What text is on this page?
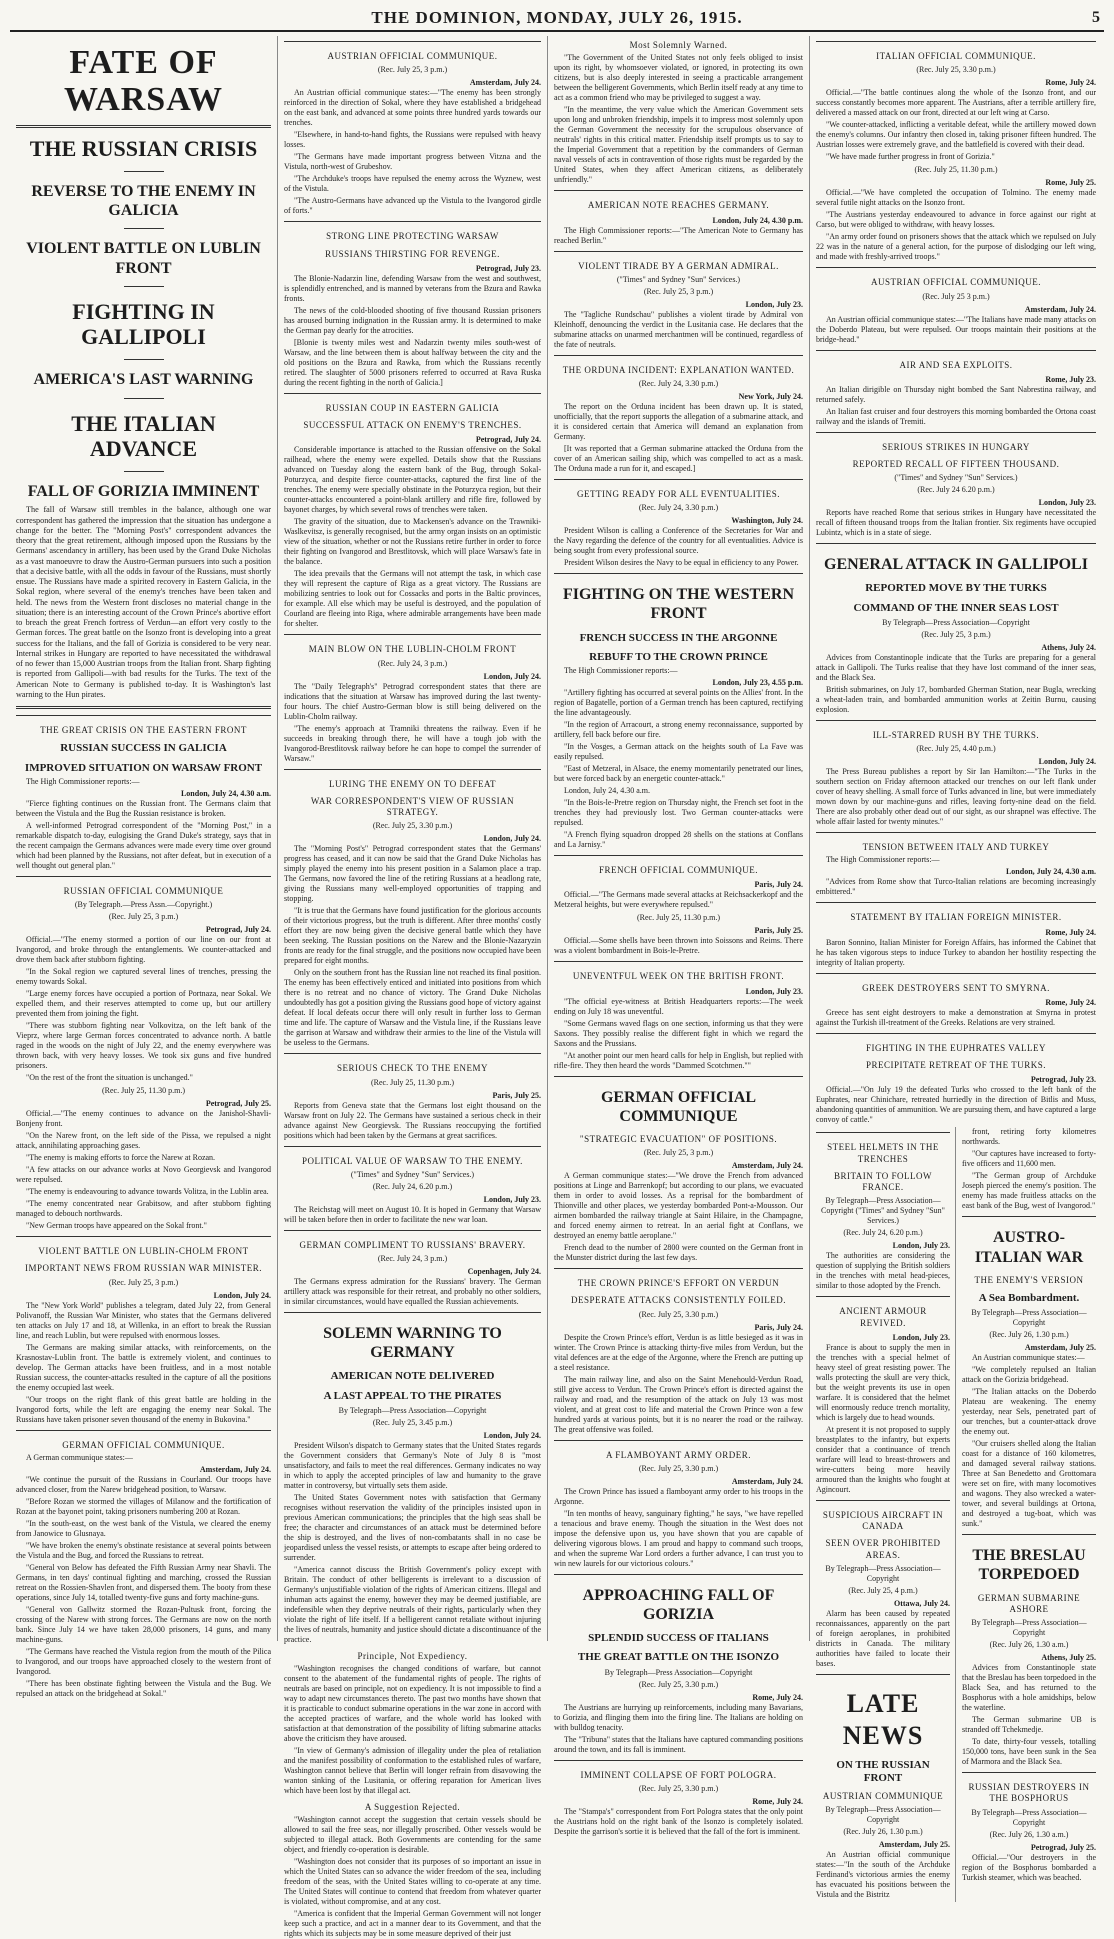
THE DOMINION, MONDAY, JULY 26, 1915.	5
FATE OF WARSAW
THE RUSSIAN CRISIS
REVERSE TO THE ENEMY IN GALICIA
VIOLENT BATTLE ON LUBLIN FRONT
FIGHTING IN GALLIPOLI
AMERICA'S LAST WARNING
THE ITALIAN ADVANCE
FALL OF GORIZIA IMMINENT

The fall of Warsaw still trembles in the balance, although one war correspondent has gathered the impression that the situation has undergone a change for the better. The "Morning Post's" correspondent advances the theory that the great retirement, although imposed upon the Russians by the Germans' ascendancy in artillery, has been used by the Grand Duke Nicholas as a vast manoeuvre to draw the Austro-German pursuers into such a position that a decisive battle, with all the odds in favour of the Russians, must shortly ensue. The Russians have made a spirited recovery in Eastern Galicia, in the Sokal region, where several of the enemy's trenches have been taken and held. The news from the Western front discloses no material change in the situation; there is an interesting account of the Crown Prince's abortive effort to breach the great French fortress of Verdun—an effort very costly to the German forces. The great battle on the Isonzo front is developing into a great success for the Italians, and the fall of Gorizia is considered to be very near. Internal strikes in Hungary are reported to have necessitated the withdrawal of no fewer than 15,000 Austrian troops from the Italian front. Sharp fighting is reported from Gallipoli—with bad results for the Turks. The text of the American Note to Germany is published to-day. It is Washington's last warning to the Hun pirates.

THE GREAT CRISIS ON THE EASTERN FRONT
RUSSIAN SUCCESS IN GALICIA
IMPROVED SITUATION ON WARSAW FRONT
The High Commissioner reports:—
London, July 24, 4.30 a.m.

"Fierce fighting continues on the Russian front. The Germans claim that between the Vistula and the Bug the Russian resistance is broken.

A well-informed Petrograd correspondent of the "Morning Post," in a remarkable dispatch to-day, eulogising the Grand Duke's strategy, says that in the recent campaign the Germans advances were made every time over ground which had been planned by the Russians, not after defeat, but in execution of a well thought out general plan."

RUSSIAN OFFICIAL COMMUNIQUE
(By Telegraph.—Press Assn.—Copyright.)
(Rec. July 25, 3 p.m.)
Petrograd, July 24.

Official.—"The enemy stormed a portion of our line on our front at Ivangorod, and broke through the entanglements. We counter-attacked and drove them back after stubborn fighting.

"In the Sokal region we captured several lines of trenches, pressing the enemy towards Sokal.

"Large enemy forces have occupied a portion of Portnaza, near Sokal. We expelled them, and their reserves attempted to come up, but our artillery prevented them from joining the fight.

"There was stubborn fighting near Volkovitza, on the left bank of the Vieprz, where large German forces concentrated to advance north. A battle raged in the woods on the night of July 22, and the enemy everywhere was thrown back, with very heavy losses. We took six guns and five hundred prisoners.

"On the rest of the front the situation is unchanged."

(Rec. July 25, 11.30 p.m.)
Petrograd, July 25.

Official.—"The enemy continues to advance on the Janishol-Shavli-Bonjeny front.

"On the Narew front, on the left side of the Pissa, we repulsed a night attack, annihilating approaching gases.

"The enemy is making efforts to force the Narew at Rozan.

"A few attacks on our advance works at Novo Georgievsk and Ivangorod were repulsed.

"The enemy is endeavouring to advance towards Volitza, in the Lublin area.

"The enemy concentrated near Grabitsow, and after stubborn fighting managed to debouch northwards.

"New German troops have appeared on the Sokal front."

VIOLENT BATTLE ON LUBLIN-CHOLM FRONT
IMPORTANT NEWS FROM RUSSIAN WAR MINISTER.
(Rec. July 25, 3 p.m.)
London, July 24.

The "New York World" publishes a telegram, dated July 22, from General Polivanoff, the Russian War Minister, who states that the Germans delivered ten attacks on July 17 and 18, at Willenka, in an effort to break the Russian line, and reach Lublin, but were repulsed with enormous losses.

The Germans are making similar attacks, with reinforcements, on the Krasnostav-Lublin front. The battle is extremely violent, and continues to develop. The German attacks have been fruitless, and in a most notable Russian success, the counter-attacks resulted in the capture of all the positions the enemy occupied last week.

"Our troops on the right flank of this great battle are holding in the Ivangorod forts, while the left are engaging the enemy near Sokal. The Russians have taken prisoner seven thousand of the enemy in Bukovina."

GERMAN OFFICIAL COMMUNIQUE.
A German communique states:—
Amsterdam, July 24.

"We continue the pursuit of the Russians in Courland. Our troops have advanced closer, from the Narew bridgehead position, to Warsaw.

"Before Rozan we stormed the villages of Milanow and the fortification of Rozan at the bayonet point, taking prisoners numbering 200 at Rozan.

"In the south-east, on the west bank of the Vistula, we cleared the enemy from Janowice to Glusnaya.

"We have broken the enemy's obstinate resistance at several points between the Vistula and the Bug, and forced the Russians to retreat.

"General von Below has defeated the Fifth Russian Army near Shavli. The Germans, in ten days' continual fighting and marching, crossed the Russian retreat on the Rossien-Shavlen front, and dispersed them. The booty from these operations, since July 14, totalled twenty-five guns and forty machine-guns.

"General von Gallwitz stormed the Rozan-Pultusk front, forcing the crossing of the Narew with strong forces. The Germans are now on the north bank. Since July 14 we have taken 28,000 prisoners, 14 guns, and many machine-guns.

"The Germans have reached the Vistula region from the mouth of the Pilica to Ivangorod, and our troops have approached closely to the western front of Ivangorod.

"There has been obstinate fighting between the Vistula and the Bug. We repulsed an attack on the bridgehead at Sokal."

AUSTRIAN OFFICIAL COMMUNIQUE.
(Rec. July 25, 3 p.m.)
Amsterdam, July 24.

An Austrian official communique states:—"The enemy has been strongly reinforced in the direction of Sokal, where they have established a bridgehead on the east bank, and advanced at some points three hundred yards towards our trenches.

"Elsewhere, in hand-to-hand fights, the Russians were repulsed with heavy losses.

"The Germans have made important progress between Vitzna and the Vistula, north-west of Grubeshov.

"The Archduke's troops have repulsed the enemy across the Wyznew, west of the Vistula.

"The Austro-Germans have advanced up the Vistula to the Ivangorod girdle of forts."

STRONG LINE PROTECTING WARSAW
RUSSIANS THIRSTING FOR REVENGE.
Petrograd, July 23.

The Blonie-Nadarzin line, defending Warsaw from the west and southwest, is splendidly entrenched, and is manned by veterans from the Bzura and Rawka fronts.

The news of the cold-blooded shooting of five thousand Russian prisoners has aroused burning indignation in the Russian army. It is determined to make the German pay dearly for the atrocities.

[Blonie is twenty miles west and Nadarzin twenty miles south-west of Warsaw, and the line between them is about halfway between the city and the old positions on the Bzura and Rawka, from which the Russians recently retired. The slaughter of 5000 prisoners referred to occurred at Rava Ruska during the recent fighting in the north of Galicia.]

RUSSIAN COUP IN EASTERN GALICIA
SUCCESSFUL ATTACK ON ENEMY'S TRENCHES.
Petrograd, July 24.

Considerable importance is attached to the Russian offensive on the Sokal railhead, where the enemy were expelled. Details show that the Russians advanced on Tuesday along the eastern bank of the Bug, through Sokal-Poturzyca, and despite fierce counter-attacks, captured the first line of the trenches. The enemy were specially obstinate in the Poturzyca region, but their counter-attacks encountered a point-blank artillery and rifle fire, followed by bayonet charges, by which several rows of trenches were taken.

The gravity of the situation, due to Mackensen's advance on the Trawniki-Waslkevitsz, is generally recognised, but the army organ insists on an optimistic view of the situation, whether or not the Russians retire further in order to force their fighting on Ivangorod and Brestlitovsk, which will place Warsaw's fate in the balance.

The idea prevails that the Germans will not attempt the task, in which case they will represent the capture of Riga as a great victory. The Russians are mobilizing sentries to look out for Cossacks and ports in the Baltic provinces, for example. All else which may be useful is destroyed, and the population of Courland are fleeing into Riga, where admirable arrangements have been made for shelter.

MAIN BLOW ON THE LUBLIN-CHOLM FRONT
(Rec. July 24, 3 p.m.)
London, July 24.

The "Daily Telegraph's" Petrograd correspondent states that there are indications that the situation at Warsaw has improved during the last twenty-four hours. The chief Austro-German blow is still being delivered on the Lublin-Cholm railway.

"The enemy's approach at Tramniki threatens the railway. Even if he succeeds in breaking through there, he will have a tough job with the Ivangorod-Brestlitovsk railway before he can hope to compel the surrender of Warsaw."

LURING THE ENEMY ON TO DEFEAT
WAR CORRESPONDENT'S VIEW OF RUSSIAN STRATEGY.
(Rec. July 25, 3.30 p.m.)
London, July 24.

The "Morning Post's" Petrograd correspondent states that the Germans' progress has ceased, and it can now be said that the Grand Duke Nicholas has simply played the enemy into his present position in a Salamon place a trap. The Germans, now favored the line of the retiring Russians at a headlong rate, giving the Russians many well-employed opportunities of trapping and stopping.

"It is true that the Germans have found justification for the glorious accounts of their victorious progress, but the truth is different. After three months' costly effort they are now being given the decisive general battle which they have been seeking. The Russian positions on the Narew and the Blonie-Nazaryzin fronts are ready for the final struggle, and the positions now occupied have been prepared for eight months.

Only on the southern front has the Russian line not reached its final position. The enemy has been effectively enticed and initiated into positions from which there is no retreat and no chance of victory. The Grand Duke Nicholas undoubtedly has got a position giving the Russians good hope of victory against defeat. If local defeats occur there will only result in further loss to German time and life. The capture of Warsaw and the Vistula line, if the Russians leave the garrison at Warsaw and withdraw their armies to the line of the Vistula will be useless to the Germans.

SERIOUS CHECK TO THE ENEMY
(Rec. July 25, 11.30 p.m.)
Paris, July 25.

Reports from Geneva state that the Germans lost eight thousand on the Warsaw front on July 22. The Germans have sustained a serious check in their advance against New Georgievsk. The Russians reoccupying the fortified positions which had been taken by the Germans at great sacrifices.

POLITICAL VALUE OF WARSAW TO THE ENEMY.
("Times" and Sydney "Sun" Services.)
(Rec. July 24, 6.20 p.m.)
London, July 23.

The Reichstag will meet on August 10. It is hoped in Germany that Warsaw will be taken before then in order to facilitate the new war loan.

GERMAN COMPLIMENT TO RUSSIANS' BRAVERY.
(Rec. July 24, 3 p.m.)
Copenhagen, July 24.

The Germans express admiration for the Russians' bravery. The German artillery attack was responsible for their retreat, and probably no other soldiers, in similar circumstances, would have equalled the Russian achievements.

SOLEMN WARNING TO GERMANY
AMERICAN NOTE DELIVERED
A LAST APPEAL TO THE PIRATES
By Telegraph—Press Association—Copyright
(Rec. July 25, 3.45 p.m.)
London, July 24.

President Wilson's dispatch to Germany states that the United States regards the Government considers that Germany's Note of July 8 is "most unsatisfactory, and fails to meet the real differences. Germany indicates no way in which to apply the accepted principles of law and humanity to the grave matter in controversy, but virtually sets them aside.

The United States Government notes with satisfaction that Germany recognises without reservation the validity of the principles insisted upon in previous American communications; the principles that the high seas shall be free; the character and circumstances of an attack must be determined before the ship is destroyed, and the lives of non-combatants shall in no case be jeopardised unless the vessel resists, or attempts to escape after being ordered to surrender.

"America cannot discuss the British Government's policy except with Britain. The conduct of other belligerents is irrelevant to a discussion of Germany's unjustifiable violation of the rights of American citizens. Illegal and inhuman acts against the enemy, however they may be deemed justifiable, are indefensible when they deprive neutrals of their rights, particularly when they violate the right of life itself. If a belligerent cannot retaliate without injuring the lives of neutrals, humanity and justice should dictate a discontinuance of the practice.

Principle, Not Expediency.

"Washington recognises the changed conditions of warfare, but cannot consent to the abatement of the fundamental rights of people. The rights of neutrals are based on principle, not on expediency. It is not impossible to find a way to adapt new circumstances thereto. The past two months have shown that it is practicable to conduct submarine operations in the war zone in accord with the accepted practices of warfare, and the whole world has looked with satisfaction at that demonstration of the possibility of lifting submarine attacks above the criticism they have aroused.

"In view of Germany's admission of illegality under the plea of retaliation and the manifest possibility of conformation to the established rules of warfare, Washington cannot believe that Berlin will longer refrain from disavowing the wanton sinking of the Lusitania, or offering reparation for American lives which have been lost by that illegal act.

A Suggestion Rejected.

"Washington cannot accept the suggestion that certain vessels should be allowed to sail the free seas, nor illegally proscribed. Other vessels would be subjected to illegal attack. Both Governments are contending for the same object, and friendly co-operation is desirable.

"Washington does not consider that its purposes of so important an issue in which the United States can so advance the wider freedom of the sea, including freedom of the seas, with the United States willing to co-operate at any time. The United States will continue to contend that freedom from whatever quarter is violated, without compromise, and at any cost.

"America is confident that the Imperial German Government will not longer keep such a practice, and act in a manner dear to its Government, and that the rights which its subjects may be in some measure deprived of their just

Most Solemnly Warned.

"The Government of the United States not only feels obliged to insist upon its right, by whomsoever violated, or ignored, in protecting its own citizens, but is also deeply interested in seeing a practicable arrangement between the belligerent Governments, which Berlin itself ready at any time to act as a common friend who may be privileged to suggest a way.

"In the meantime, the very value which the American Government sets upon long and unbroken friendship, impels it to impress most solemnly upon the German Government the necessity for the scrupulous observance of neutrals' rights in this critical matter. Friendship itself prompts us to say to the Imperial Government that a repetition by the commanders of German naval vessels of acts in contravention of those rights must be regarded by the United States, when they affect American citizens, as deliberately unfriendly."

AMERICAN NOTE REACHES GERMANY.
London, July 24, 4.30 p.m.

The High Commissioner reports:—"The American Note to Germany has reached Berlin."

VIOLENT TIRADE BY A GERMAN ADMIRAL.
("Times" and Sydney "Sun" Services.)
(Rec. July 25, 3 p.m.)
London, July 23.

The "Tagliche Rundschau" publishes a violent tirade by Admiral von Kleinhoff, denouncing the verdict in the Lusitania case. He declares that the submarine attacks on unarmed merchantmen will be continued, regardless of the fate of neutrals.

THE ORDUNA INCIDENT: EXPLANATION WANTED.
(Rec. July 24, 3.30 p.m.)
New York, July 24.

The report on the Orduna incident has been drawn up. It is stated, unofficially, that the report supports the allegation of a submarine attack, and it is considered certain that America will demand an explanation from Germany.

[It was reported that a German submarine attacked the Orduna from the cover of an American sailing ship, which was compelled to act as a mask. The Orduna made a run for it, and escaped.]

GETTING READY FOR ALL EVENTUALITIES.
(Rec. July 24, 3.30 p.m.)
Washington, July 24.

President Wilson is calling a Conference of the Secretaries for War and the Navy regarding the defence of the country for all eventualities. Advice is being sought from every professional source.

President Wilson desires the Navy to be equal in efficiency to any Power.

FIGHTING ON THE WESTERN FRONT
FRENCH SUCCESS IN THE ARGONNE
REBUFF TO THE CROWN PRINCE
The High Commissioner reports:—
London, July 23, 4.55 p.m.

"Artillery fighting has occurred at several points on the Allies' front. In the region of Bagatelle, portion of a German trench has been captured, rectifying the line advantageously.

"In the region of Arracourt, a strong enemy reconnaissance, supported by artillery, fell back before our fire.

"In the Vosges, a German attack on the heights south of La Fave was easily repulsed.

"East of Metzeral, in Alsace, the enemy momentarily penetrated our lines, but were forced back by an energetic counter-attack."

London, July 24, 4.30 a.m.

"In the Bois-le-Pretre region on Thursday night, the French set foot in the trenches they had previously lost. Two German counter-attacks were repulsed.

"A French flying squadron dropped 28 shells on the stations at Conflans and La Jarnisy."

FRENCH OFFICIAL COMMUNIQUE.
Paris, July 24.

Official.—"The Germans made several attacks at Reichsackerkopf and the Metzeral heights, but were everywhere repulsed."

(Rec. July 25, 11.30 p.m.)
Paris, July 25.

Official.—Some shells have been thrown into Soissons and Reims. There was a violent bombardment in Bois-le-Pretre.

UNEVENTFUL WEEK ON THE BRITISH FRONT.
London, July 23.

"The official eye-witness at British Headquarters reports:—The week ending on July 18 was uneventful.

"Some Germans waved flags on one section, informing us that they were Saxons. They possibly realise the different fight in which we regard the Saxons and the Prussians.

"At another point our men heard calls for help in English, but replied with rifle-fire. They then heard the words "Dammed Scotchmen.""

GERMAN OFFICIAL COMMUNIQUE
"STRATEGIC EVACUATION" OF POSITIONS.
(Rec. July 25, 3 p.m.)
Amsterdam, July 24.

A German communique states:—"We drove the French from advanced positions at Linge and Barrenkopf; but according to our plans, we evacuated them in order to avoid losses. As a reprisal for the bombardment of Thionville and other places, we yesterday bombarded Pont-a-Mousson. Our airmen bombarded the railway triangle at Saint Hilaire, in the Champagne, and forced enemy airmen to retreat. In an aerial fight at Conflans, we destroyed an enemy battle aeroplane."

French dead to the number of 2800 were counted on the German front in the Munster district during the last few days.

THE CROWN PRINCE'S EFFORT ON VERDUN
DESPERATE ATTACKS CONSISTENTLY FOILED.
(Rec. July 25, 3.30 p.m.)
Paris, July 24.

Despite the Crown Prince's effort, Verdun is as little besieged as it was in winter. The Crown Prince is attacking thirty-five miles from Verdun, but the vital defences are at the edge of the Argonne, where the French are putting up a steel resistance.

The main railway line, and also on the Saint Menehould-Verdun Road, still give access to Verdun. The Crown Prince's effort is directed against the railway and road, and the resumption of the attack on July 13 was most violent, and at great cost to life and material the Crown Prince won a few hundred yards at various points, but it is no nearer the road or the railway. The great offensive was foiled.

A FLAMBOYANT ARMY ORDER.
(Rec. July 25, 3.30 p.m.)
Amsterdam, July 24.

The Crown Prince has issued a flamboyant army order to his troops in the Argonne.

"In ten months of heavy, sanguinary fighting," he says, "we have repelled a tenacious and brave enemy. Though the situation in the West does not impose the defensive upon us, you have shown that you are capable of delivering vigorous blows. I am proud and happy to command such troops, and when the supreme War Lord orders a further advance, I can trust you to win new laurels for our victorious colours."

APPROACHING FALL OF GORIZIA
SPLENDID SUCCESS OF ITALIANS
THE GREAT BATTLE ON THE ISONZO
By Telegraph—Press Association—Copyright
(Rec. July 25, 3.30 p.m.)
Rome, July 24.

The Austrians are hurrying up reinforcements, including many Bavarians, to Gorizia, and flinging them into the firing line. The Italians are holding on with bulldog tenacity.

The "Tribuna" states that the Italians have captured commanding positions around the town, and its fall is imminent.

IMMINENT COLLAPSE OF FORT POLOGRA.
(Rec. July 25, 3.30 p.m.)
Rome, July 24.

The "Stampa's" correspondent from Fort Pologra states that the only point the Austrians hold on the right bank of the Isonzo is completely isolated. Despite the garrison's sortie it is believed that the fall of the fort is imminent.

ITALIAN OFFICIAL COMMUNIQUE.
(Rec. July 25, 3.30 p.m.)
Rome, July 24.

Official.—"The battle continues along the whole of the Isonzo front, and our success constantly becomes more apparent. The Austrians, after a terrible artillery fire, delivered a massed attack on our front, directed at our left wing at Carso.

"We counter-attacked, inflicting a veritable defeat, while the artillery mowed down the enemy's columns. Our infantry then closed in, taking prisoner fifteen hundred. The Austrian losses were extremely grave, and the battlefield is covered with their dead.

"We have made further progress in front of Gorizia."

(Rec. July 25, 11.30 p.m.)
Rome, July 25.

Official.—"We have completed the occupation of Tolmino. The enemy made several futile night attacks on the Isonzo front.

"The Austrians yesterday endeavoured to advance in force against our right at Carso, but were obliged to withdraw, with heavy losses.

"An army order found on prisoners shows that the attack which we repulsed on July 22 was in the nature of a general action, for the purpose of dislodging our left wing, and made with freshly-arrived troops."

AUSTRIAN OFFICIAL COMMUNIQUE.
(Rec. July 25 3 p.m.)
Amsterdam, July 24.

An Austrian official communique states:—"The Italians have made many attacks on the Doberdo Plateau, but were repulsed. Our troops maintain their positions at the bridge-head."

AIR AND SEA EXPLOITS.
Rome, July 23.

An Italian dirigible on Thursday night bombed the Sant Nabrestina railway, and returned safely.

An Italian fast cruiser and four destroyers this morning bombarded the Ortona coast railway and the islands of Tremiti.

SERIOUS STRIKES IN HUNGARY
REPORTED RECALL OF FIFTEEN THOUSAND.
("Times" and Sydney "Sun" Services.)
(Rec. July 24 6.20 p.m.)
London, July 23.

Reports have reached Rome that serious strikes in Hungary have necessitated the recall of fifteen thousand troops from the Italian frontier. Six regiments have occupied Lubintz, which is in a state of siege.

GENERAL ATTACK IN GALLIPOLI
REPORTED MOVE BY THE TURKS
COMMAND OF THE INNER SEAS LOST
By Telegraph—Press Association—Copyright
(Rec. July 25, 3 p.m.)
Athens, July 24.

Advices from Constantinople indicate that the Turks are preparing for a general attack in Gallipoli. The Turks realise that they have lost command of the inner seas, and the Black Sea.

British submarines, on July 17, bombarded Gherman Station, near Bugla, wrecking a wheat-laden train, and bombarded ammunition works at Zeitin Burnu, causing explosion.

ILL-STARRED RUSH BY THE TURKS.
(Rec. July 25, 4.40 p.m.)
London, July 24.

The Press Bureau publishes a report by Sir Ian Hamilton:—"The Turks in the southern section on Friday afternoon attacked our trenches on our left flank under cover of heavy shelling. A small force of Turks advanced in line, but were immediately mown down by our machine-guns and rifles, leaving forty-nine dead on the field. There are also probably other dead out of our sight, as our shrapnel was effective. The whole affair lasted for twenty minutes."

TENSION BETWEEN ITALY AND TURKEY
The High Commissioner reports:—
London, July 24, 4.30 a.m.

"Advices from Rome show that Turco-Italian relations are becoming increasingly embittered."

STATEMENT BY ITALIAN FOREIGN MINISTER.
Rome, July 24.

Baron Sonnino, Italian Minister for Foreign Affairs, has informed the Cabinet that he has taken vigorous steps to induce Turkey to abandon her hostility respecting the integrity of Italian property.

GREEK DESTROYERS SENT TO SMYRNA.
Rome, July 24.

Greece has sent eight destroyers to make a demonstration at Smyrna in protest against the Turkish ill-treatment of the Greeks. Relations are very strained.

FIGHTING IN THE EUPHRATES VALLEY
PRECIPITATE RETREAT OF THE TURKS.
Petrograd, July 23.

Official.—"On July 19 the defeated Turks who crossed to the left bank of the Euphrates, near Chinichare, retreated hurriedly in the direction of Bitlis and Muss, abandoning quantities of ammunition. We are pursuing them, and have captured a large convoy of cattle."

STEEL HELMETS IN THE TRENCHES
BRITAIN TO FOLLOW FRANCE.
By Telegraph—Press Association—Copyright ("Times" and Sydney "Sun" Services.)
(Rec. July 24, 6.20 p.m.)
London, July 23.

The authorities are considering the question of supplying the British soldiers in the trenches with metal head-pieces, similar to those adopted by the French.

ANCIENT ARMOUR REVIVED.
London, July 23.

France is about to supply the men in the trenches with a special helmet of heavy steel of great resisting power. The walls protecting the skull are very thick, but the weight prevents its use in open warfare. It is considered that the helmet will enormously reduce trench mortality, which is largely due to head wounds.

At present it is not proposed to supply breastplates to the infantry, but experts consider that a continuance of trench warfare will lead to breast-throwers and wire-cutters being more heavily armoured than the knights who fought at Agincourt.

SUSPICIOUS AIRCRAFT IN CANADA
SEEN OVER PROHIBITED AREAS.
By Telegraph—Press Association—Copyright
(Rec. July 25, 4 p.m.)
Ottawa, July 24.

Alarm has been caused by repeated reconnaissances, apparently on the part of foreign aeroplanes, in prohibited districts in Canada. The military authorities have failed to locate their bases.

LATE NEWS
ON THE RUSSIAN FRONT
AUSTRIAN COMMUNIQUE
By Telegraph—Press Association—Copyright
(Rec. July 26, 1.30 p.m.)
Amsterdam, July 25.

An Austrian official communique states:—"In the south of the Archduke Ferdinand's victorious armies the enemy has evacuated his positions between the Vistula and the Bistritz

front, retiring forty kilometres northwards.

"Our captures have increased to forty-five officers and 11,600 men.

"The German group of Archduke Joseph pierced the enemy's position. The enemy has made fruitless attacks on the east bank of the Bug, west of Ivangorod."

AUSTRO-ITALIAN WAR
THE ENEMY'S VERSION
A Sea Bombardment.
By Telegraph—Press Association—Copyright
(Rec. July 26, 1.30 p.m.)
Amsterdam, July 25.

An Austrian communique states:—

"We completely repulsed an Italian attack on the Gorizia bridgehead.

"The Italian attacks on the Doberdo Plateau are weakening. The enemy yesterday, near Sels, penetrated part of our trenches, but a counter-attack drove the enemy out.

"Our cruisers shelled along the Italian coast for a distance of 160 kilometres, and damaged several railway stations. Three at San Benedetto and Grottomara were set on fire, with many locomotives and wagons. They also wrecked a water-tower, and several buildings at Ortona, and destroyed a tug-boat, which was sunk."

THE BRESLAU TORPEDOED
GERMAN SUBMARINE ASHORE
By Telegraph—Press Association—Copyright
(Rec. July 26, 1.30 a.m.)
Athens, July 25.

Advices from Constantinople state that the Breslau has been torpedoed in the Black Sea, and has returned to the Bosphorus with a hole amidships, below the waterline.

The German submarine UB is stranded off Tchekmedje.

To date, thirty-four vessels, totalling 150,000 tons, have been sunk in the Sea of Marmora and the Black Sea.

RUSSIAN DESTROYERS IN THE BOSPHORUS
By Telegraph—Press Association—Copyright
(Rec. July 26, 1.30 a.m.)
Petrograd, July 25.

Official.—"Our destroyers in the region of the Bosphorus bombarded a Turkish steamer, which was beached.
